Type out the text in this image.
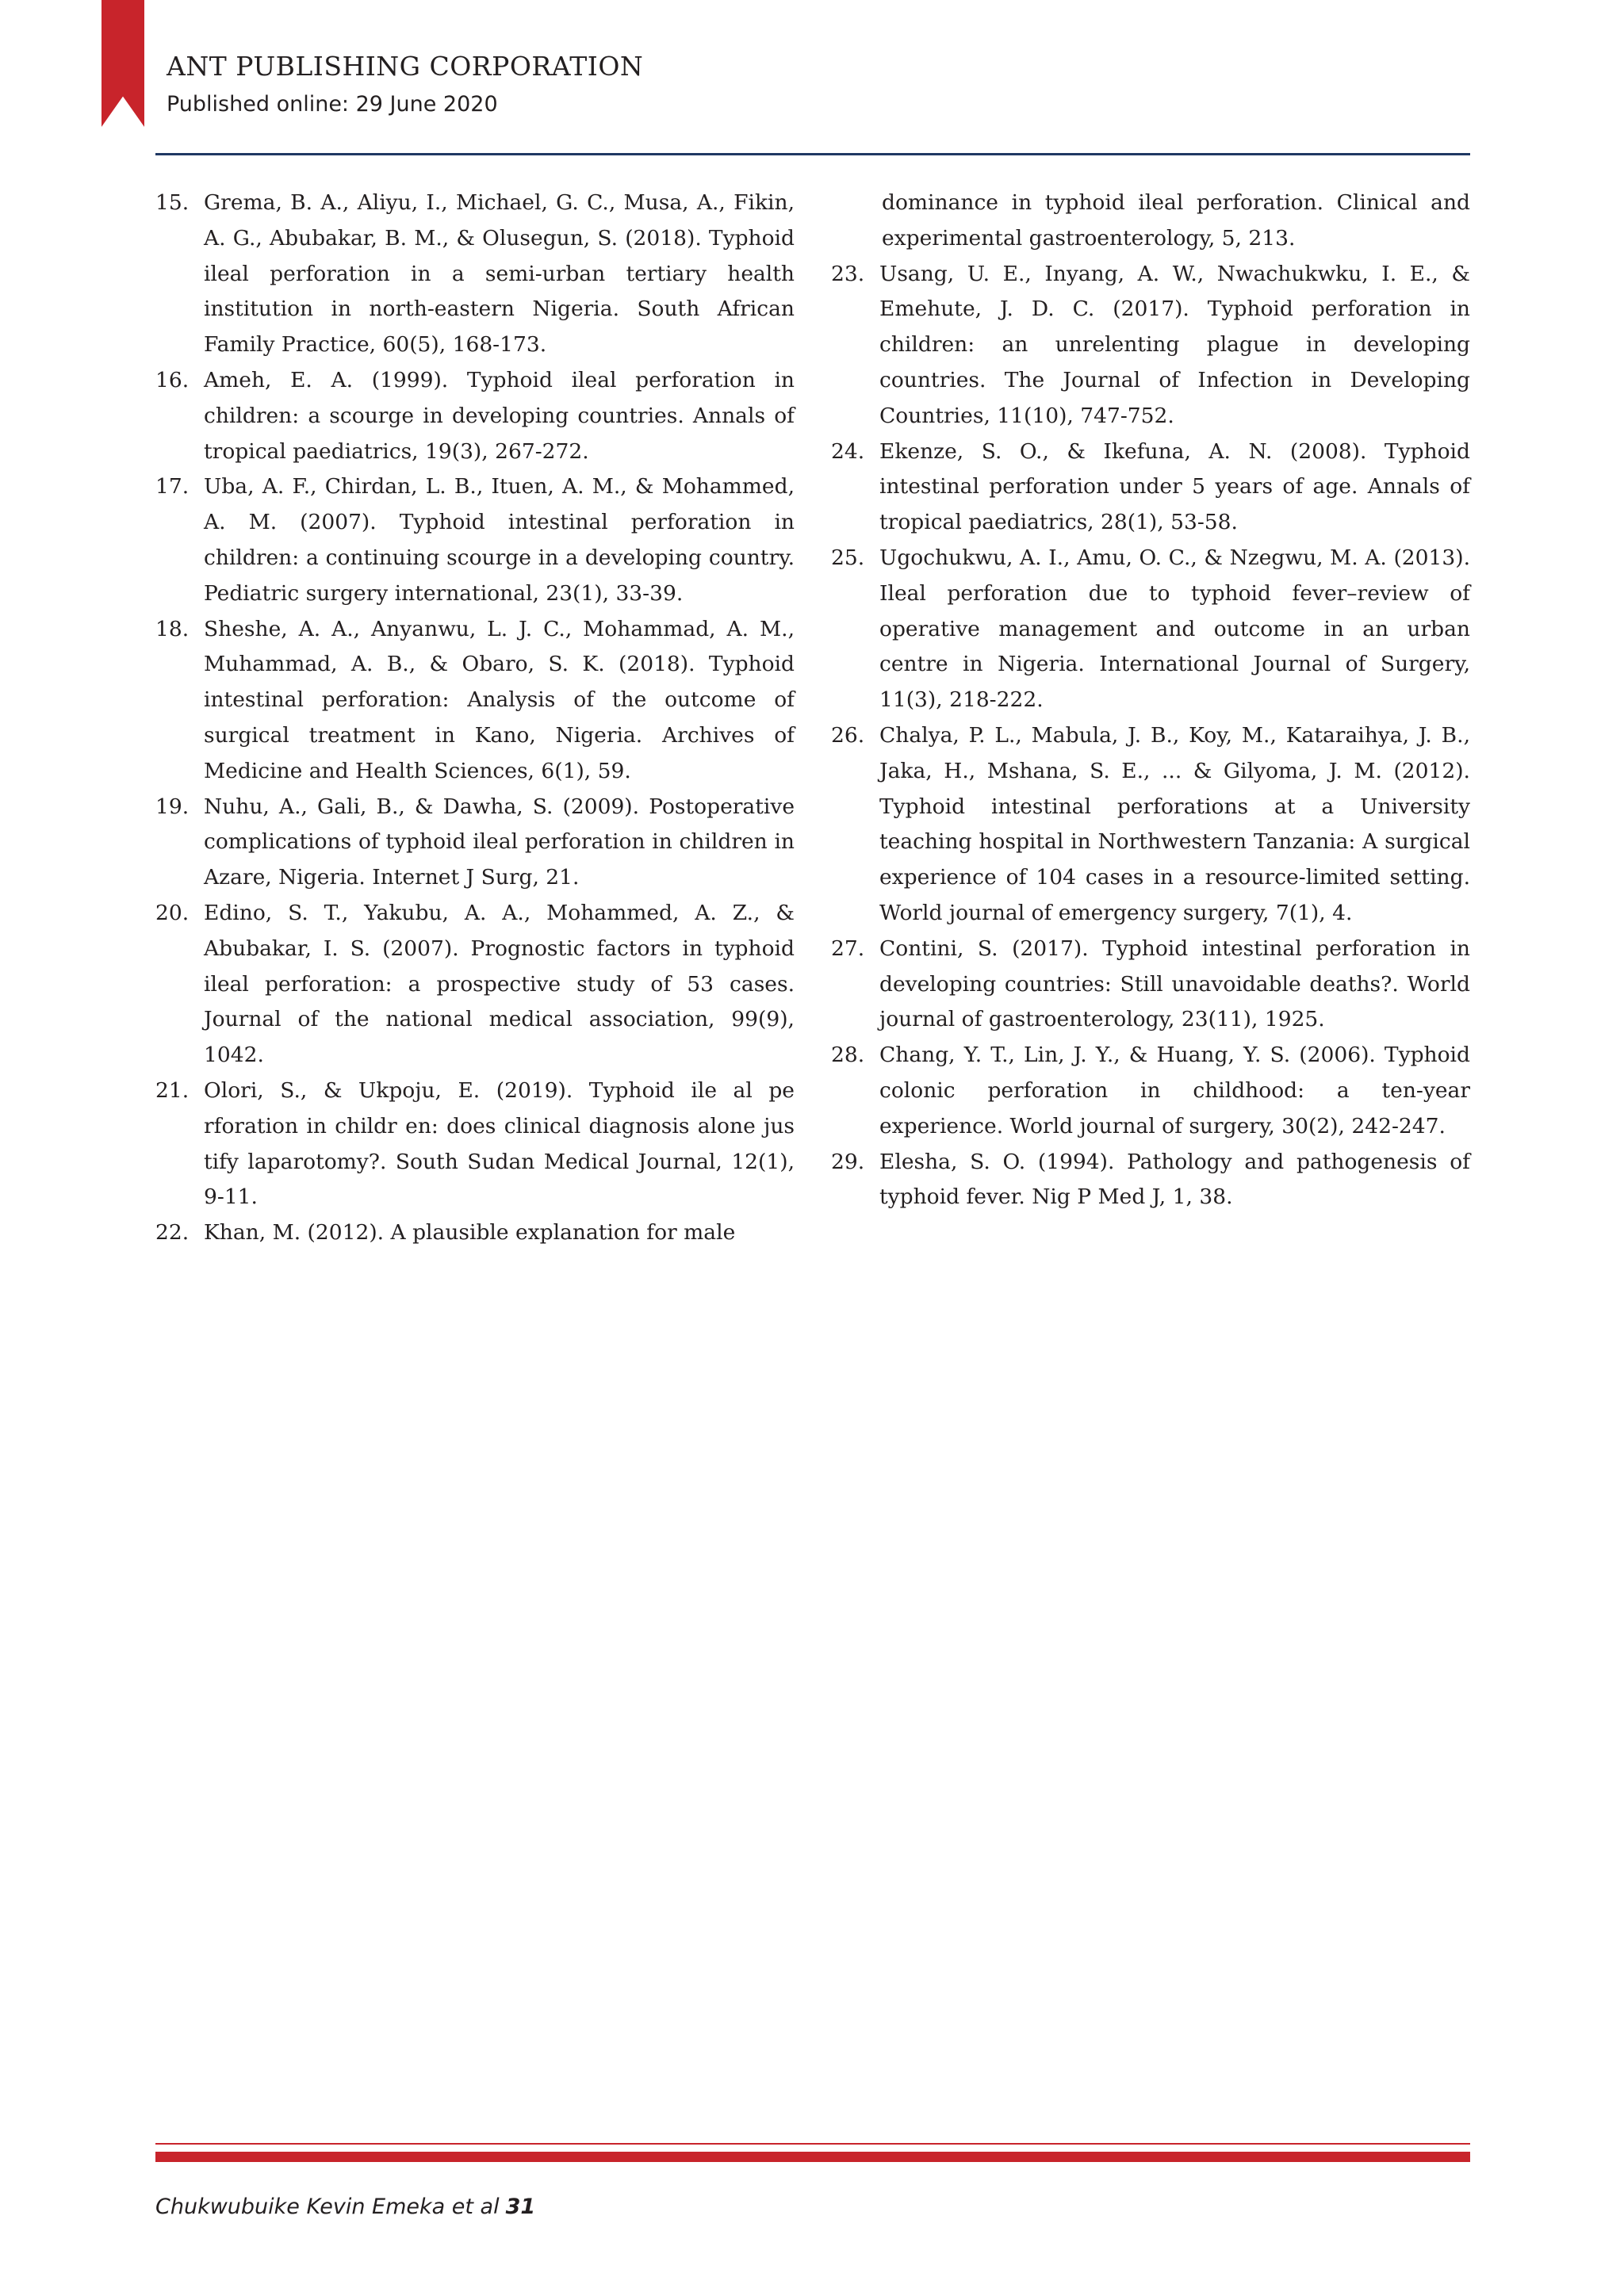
ANT PUBLISHING CORPORATION
Published online: 29 June 2020
15. Grema, B. A., Aliyu, I., Michael, G. C., Musa, A., Fikin, A. G., Abubakar, B. M., & Olusegun, S. (2018). Typhoid ileal perforation in a semi-urban tertiary health institution in north-eastern Nigeria. South African Family Practice, 60(5), 168-173.
16. Ameh, E. A. (1999). Typhoid ileal perforation in children: a scourge in developing countries. Annals of tropical paediatrics, 19(3), 267-272.
17. Uba, A. F., Chirdan, L. B., Ituen, A. M., & Mohammed, A. M. (2007). Typhoid intestinal perforation in children: a continuing scourge in a developing country. Pediatric surgery international, 23(1), 33-39.
18. Sheshe, A. A., Anyanwu, L. J. C., Mohammad, A. M., Muhammad, A. B., & Obaro, S. K. (2018). Typhoid intestinal perforation: Analysis of the outcome of surgical treatment in Kano, Nigeria. Archives of Medicine and Health Sciences, 6(1), 59.
19. Nuhu, A., Gali, B., & Dawha, S. (2009). Postoperative complications of typhoid ileal perforation in children in Azare, Nigeria. Internet J Surg, 21.
20. Edino, S. T., Yakubu, A. A., Mohammed, A. Z., & Abubakar, I. S. (2007). Prognostic factors in typhoid ileal perforation: a prospective study of 53 cases. Journal of the national medical association, 99(9), 1042.
21. Olori, S., & Ukpoju, E. (2019). Typhoid ile al pe rforation in childr en: does clinical diagnosis alone jus tify laparotomy?. South Sudan Medical Journal, 12(1), 9-11.
22. Khan, M. (2012). A plausible explanation for male
dominance in typhoid ileal perforation. Clinical and experimental gastroenterology, 5, 213.
23. Usang, U. E., Inyang, A. W., Nwachukwku, I. E., & Emehute, J. D. C. (2017). Typhoid perforation in children: an unrelenting plague in developing countries. The Journal of Infection in Developing Countries, 11(10), 747-752.
24. Ekenze, S. O., & Ikefuna, A. N. (2008). Typhoid intestinal perforation under 5 years of age. Annals of tropical paediatrics, 28(1), 53-58.
25. Ugochukwu, A. I., Amu, O. C., & Nzegwu, M. A. (2013). Ileal perforation due to typhoid fever–review of operative management and outcome in an urban centre in Nigeria. International Journal of Surgery, 11(3), 218-222.
26. Chalya, P. L., Mabula, J. B., Koy, M., Kataraihya, J. B., Jaka, H., Mshana, S. E., ... & Gilyoma, J. M. (2012). Typhoid intestinal perforations at a University teaching hospital in Northwestern Tanzania: A surgical experience of 104 cases in a resource-limited setting. World journal of emergency surgery, 7(1), 4.
27. Contini, S. (2017). Typhoid intestinal perforation in developing countries: Still unavoidable deaths?. World journal of gastroenterology, 23(11), 1925.
28. Chang, Y. T., Lin, J. Y., & Huang, Y. S. (2006). Typhoid colonic perforation in childhood: a ten-year experience. World journal of surgery, 30(2), 242-247.
29. Elesha, S. O. (1994). Pathology and pathogenesis of typhoid fever. Nig P Med J, 1, 38.
Chukwubuike Kevin Emeka et al 31
